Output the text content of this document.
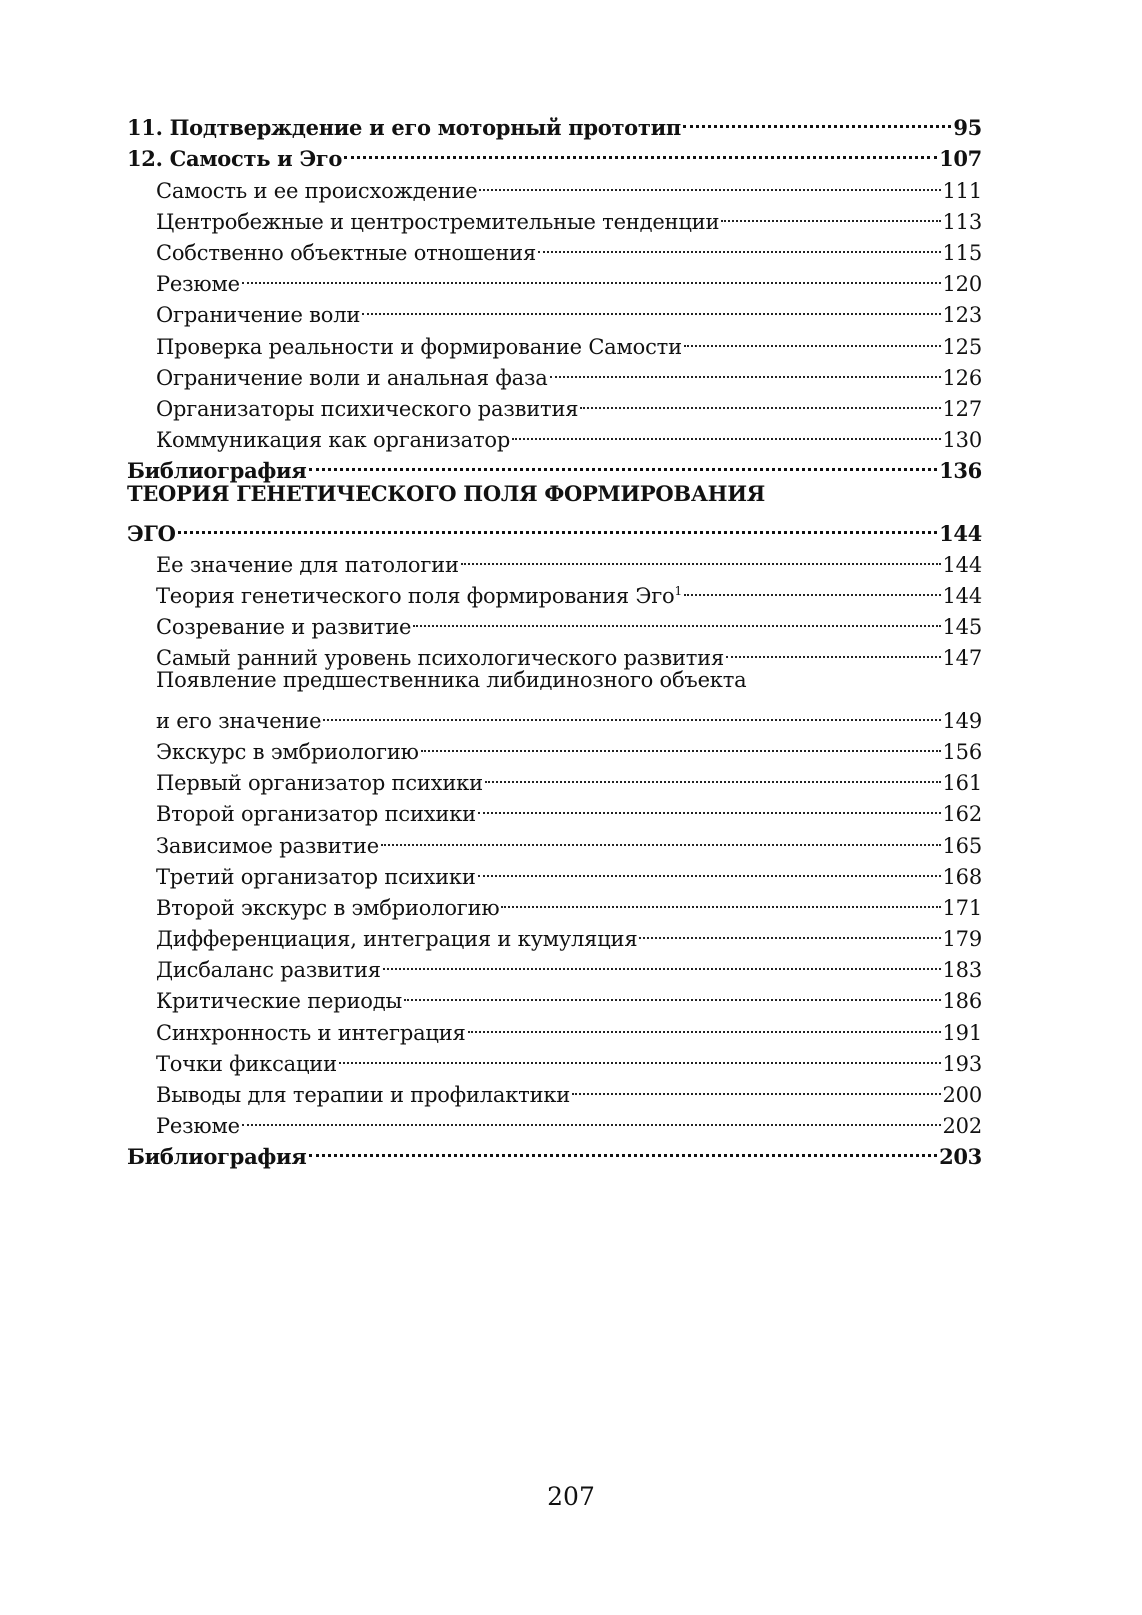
11. Подтверждение и его моторный прототип	95
12. Самость и Эго	107
Самость и ее происхождение	111
Центробежные и центростремительные тенденции	113
Собственно объектные отношения	115
Резюме	120
Ограничение воли	123
Проверка реальности и формирование Самости	125
Ограничение воли и анальная фаза	126
Организаторы психического развития	127
Коммуникация как организатор	130
Библиография	136
ТЕОРИЯ ГЕНЕТИЧЕСКОГО ПОЛЯ ФОРМИРОВАНИЯ
ЭГО	144
Ее значение для патологии	144
Теория генетического поля формирования Эго$^1$	144
Созревание и развитие	145
Самый ранний уровень психологического развития	147
Появление предшественника либидинозного объекта
и его значение	149
Экскурс в эмбриологию	156
Первый организатор психики	161
Второй организатор психики	162
Зависимое развитие	165
Третий организатор психики	168
Второй экскурс в эмбриологию	171
Дифференциация, интеграция и кумуляция	179
Дисбаланс развития	183
Критические периоды	186
Синхронность и интеграция	191
Точки фиксации	193
Выводы для терапии и профилактики	200
Резюме	202
Библиография	203
207
